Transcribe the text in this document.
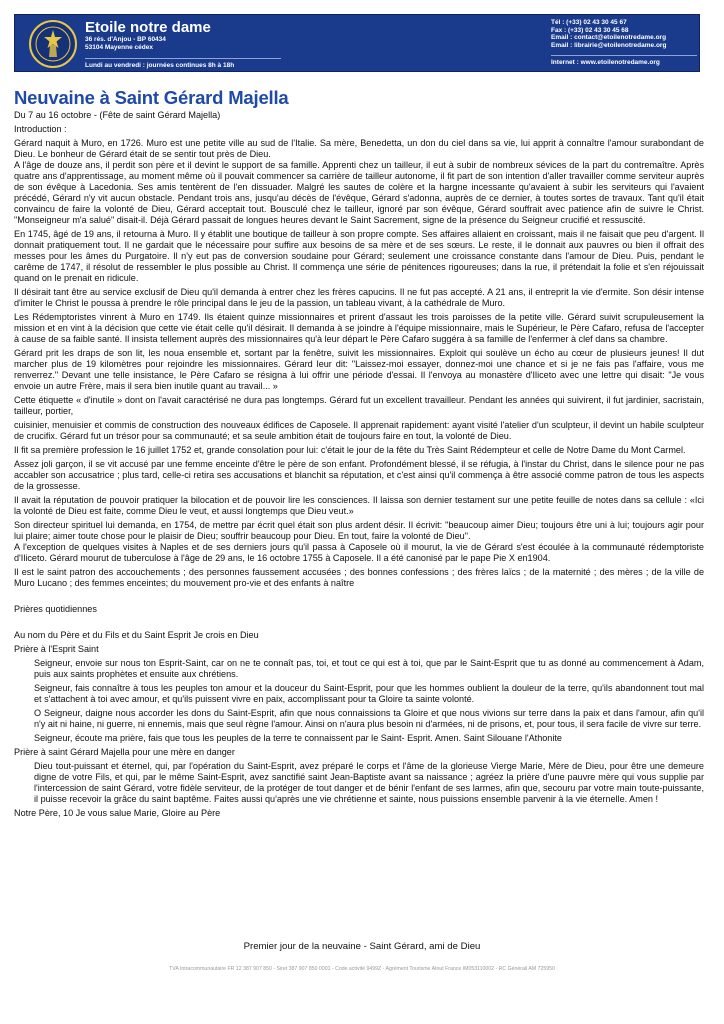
Etoile notre dame
36 rés. d'Anjou - BP 60434
53104 Mayenne cédex
Lundi au vendredi : journées continues 8h à 18h
Tél : (+33) 02 43 30 45 67
Fax : (+33) 02 43 30 45 68
Email : contact@etoilenotredame.org
Email : librairie@etoilenotredame.org
Internet : www.etoilenotredame.org
Neuvaine à Saint Gérard Majella

Du 7 au 16 octobre - (Fête de saint Gérard Majella)

Introduction :

Gérard naquit à Muro, en 1726. Muro est une petite ville au sud de l'Italie. Sa mère, Benedetta, un don du ciel dans sa vie, lui apprit à connaître l'amour surabondant de Dieu. Le bonheur de Gérard était de se sentir tout près de Dieu.

A l'âge de douze ans, il perdit son père et il devint le support de sa famille. Apprenti chez un tailleur, il eut à subir de nombreux sévices de la part du contremaître. Après quatre ans d'apprentissage, au moment même où il pouvait commencer sa carrière de tailleur autonome, il fit part de son intention d'aller travailler comme serviteur auprès de son évêque à Lacedonia. Ses amis tentèrent de l'en dissuader. Malgré les sautes de colère et la hargne incessante qu'avaient à subir les serviteurs qui l'avaient précédé, Gérard n'y vit aucun obstacle. Pendant trois ans, jusqu'au décès de l'évêque, Gérard s'adonna, auprès de ce dernier, à toutes sortes de travaux. Tant qu'il était convaincu de faire la volonté de Dieu, Gérard acceptait tout. Bousculé chez le tailleur, ignoré par son évêque, Gérard souffrait avec patience afin de suivre le Christ. "Monseigneur m'a salué" disait-il. Déjà Gérard passait de longues heures devant le Saint Sacrement, signe de la présence du Seigneur crucifié et ressuscité.

En 1745, âgé de 19 ans, il retourna à Muro. Il y établit une boutique de tailleur à son propre compte. Ses affaires allaient en croissant, mais il ne faisait que peu d'argent. Il donnait pratiquement tout. Il ne gardait que le nécessaire pour suffire aux besoins de sa mère et de ses sœurs. Le reste, il le donnait aux pauvres ou bien il offrait des messes pour les âmes du Purgatoire. Il n'y eut pas de conversion soudaine pour Gérard; seulement une croissance constante dans l'amour de Dieu. Puis, pendant le carême de 1747, il résolut de ressembler le plus possible au Christ. Il commença une série de pénitences rigoureuses; dans la rue, il prétendait la folie et s'en réjouissait quand on le prenait en ridicule.

Il désirait tant être au service exclusif de Dieu qu'il demanda à entrer chez les frères capucins. Il ne fut pas accepté. A 21 ans, il entreprit la vie d'ermite. Son désir intense d'imiter le Christ le poussa à prendre le rôle principal dans le jeu de la passion, un tableau vivant, à la cathédrale de Muro.

Les Rédemptoristes vinrent à Muro en 1749. Ils étaient quinze missionnaires et prirent d'assaut les trois paroisses de la petite ville. Gérard suivit scrupuleusement la mission et en vint à la décision que cette vie était celle qu'il désirait. Il demanda à se joindre à l'équipe missionnaire, mais le Supérieur, le Père Cafaro, refusa de l'accepter à cause de sa faible santé. Il insista tellement auprès des missionnaires qu'à leur départ le Père Cafaro suggéra à sa famille de l'enfermer à clef dans sa chambre.

Gérard prit les draps de son lit, les noua ensemble et, sortant par la fenêtre, suivit les missionnaires. Exploit qui soulève un écho au cœur de plusieurs jeunes! Il dut marcher plus de 19 kilomètres pour rejoindre les missionnaires. Gérard leur dit: "Laissez-moi essayer, donnez-moi une chance et si je ne fais pas l'affaire, vous me renverrez." Devant une telle insistance, le Père Cafaro se résigna à lui offrir une période d'essai. Il l'envoya au monastère d'Iliceto avec une lettre qui disait: "Je vous envoie un autre Frère, mais il sera bien inutile quant au travail... »

Cette étiquette « d'inutile » dont on l'avait caractérisé ne dura pas longtemps. Gérard fut un excellent travailleur. Pendant les années qui suivirent, il fut jardinier, sacristain, tailleur, portier,

cuisinier, menuisier et commis de construction des nouveaux édifices de Caposele. Il apprenait rapidement: ayant visité l'atelier d'un sculpteur, il devint un habile sculpteur de crucifix. Gérard fut un trésor pour sa communauté; et sa seule ambition était de toujours faire en tout, la volonté de Dieu.

Il fit sa première profession le 16 juillet 1752 et, grande consolation pour lui: c'était le jour de la fête du Très Saint Rédempteur et celle de Notre Dame du Mont Carmel.

Assez joli garçon, il se vit accusé par une femme enceinte d'être le père de son enfant. Profondément blessé, il se réfugia, à l'instar du Christ, dans le silence pour ne pas accabler son accusatrice ; plus tard, celle-ci retira ses accusations et blanchit sa réputation, et c'est ainsi qu'il commença à être associé comme patron de tous les aspects de la grossesse.

Il avait la réputation de pouvoir pratiquer la bilocation et de pouvoir lire les consciences. Il laissa son dernier testament sur une petite feuille de notes dans sa cellule : «Ici la volonté de Dieu est faite, comme Dieu le veut, et aussi longtemps que Dieu veut.»

Son directeur spirituel lui demanda, en 1754, de mettre par écrit quel était son plus ardent désir. Il écrivit: "beaucoup aimer Dieu; toujours être uni à lui; toujours agir pour lui plaire; aimer toute chose pour le plaisir de Dieu; souffrir beaucoup pour Dieu. En tout, faire la volonté de Dieu".

A l'exception de quelques visites à Naples et de ses derniers jours qu'il passa à Caposele où il mourut, la vie de Gérard s'est écoulée à la communauté rédemptoriste d'Iliceto. Gérard mourut de tuberculose à l'âge de 29 ans, le 16 octobre 1755 à Caposele. Il a été canonisé par le pape Pie X en1904.

Il est le saint patron des accouchements ; des personnes faussement accusées ; des bonnes confessions ; des frères laïcs ; de la maternité ; des mères ; de la ville de Muro Lucano ; des femmes enceintes; du mouvement pro-vie et des enfants à naître

Prières quotidiennes

Au nom du Père et du Fils et du Saint Esprit Je crois en Dieu

Prière à l'Esprit Saint

Seigneur, envoie sur nous ton Esprit-Saint, car on ne te connaît pas, toi, et tout ce qui est à toi, que par le Saint-Esprit que tu as donné au commencement à Adam, puis aux saints prophètes et ensuite aux chrétiens.

Seigneur, fais connaître à tous les peuples ton amour et la douceur du Saint-Esprit, pour que les hommes oublient la douleur de la terre, qu'ils abandonnent tout mal et s'attachent à toi avec amour, et qu'ils puissent vivre en paix, accomplissant pour ta Gloire ta sainte volonté.

O Seigneur, daigne nous accorder les dons du Saint-Esprit, afin que nous connaissions ta Gloire et que nous vivions sur terre dans la paix et dans l'amour, afin qu'il n'y ait ni haine, ni guerre, ni ennemis, mais que seul règne l'amour. Ainsi on n'aura plus besoin ni d'armées, ni de prisons, et, pour tous, il sera facile de vivre sur terre.

Seigneur, écoute ma prière, fais que tous les peuples de la terre te connaissent par le Saint- Esprit. Amen. Saint Silouane l'Athonite

Prière à saint Gérard Majella pour une mère en danger

Dieu tout-puissant et éternel, qui, par l'opération du Saint-Esprit, avez préparé le corps et l'âme de la glorieuse Vierge Marie, Mère de Dieu, pour être une demeure digne de votre Fils, et qui, par le même Saint-Esprit, avez sanctifié saint Jean-Baptiste avant sa naissance ; agréez la prière d'une pauvre mère qui vous supplie par l'intercession de saint Gérard, votre fidèle serviteur, de la protéger de tout danger et de bénir l'enfant de ses larmes, afin que, secouru par votre main toute-puissante, il puisse recevoir la grâce du saint baptême. Faites aussi qu'après une vie chrétienne et sainte, nous puissions ensemble parvenir à la vie éternelle. Amen !

Notre Père, 10 Je vous salue Marie, Gloire au Père

Premier jour de la neuvaine - Saint Gérard, ami de Dieu
TVA Intracommunautaire FR 12 387 907 850 - Siret 387 907 850 0001 - Code activité 9499Z - Agrément Tourisme Atout France IM053110002 - RC Générali AM 725950
